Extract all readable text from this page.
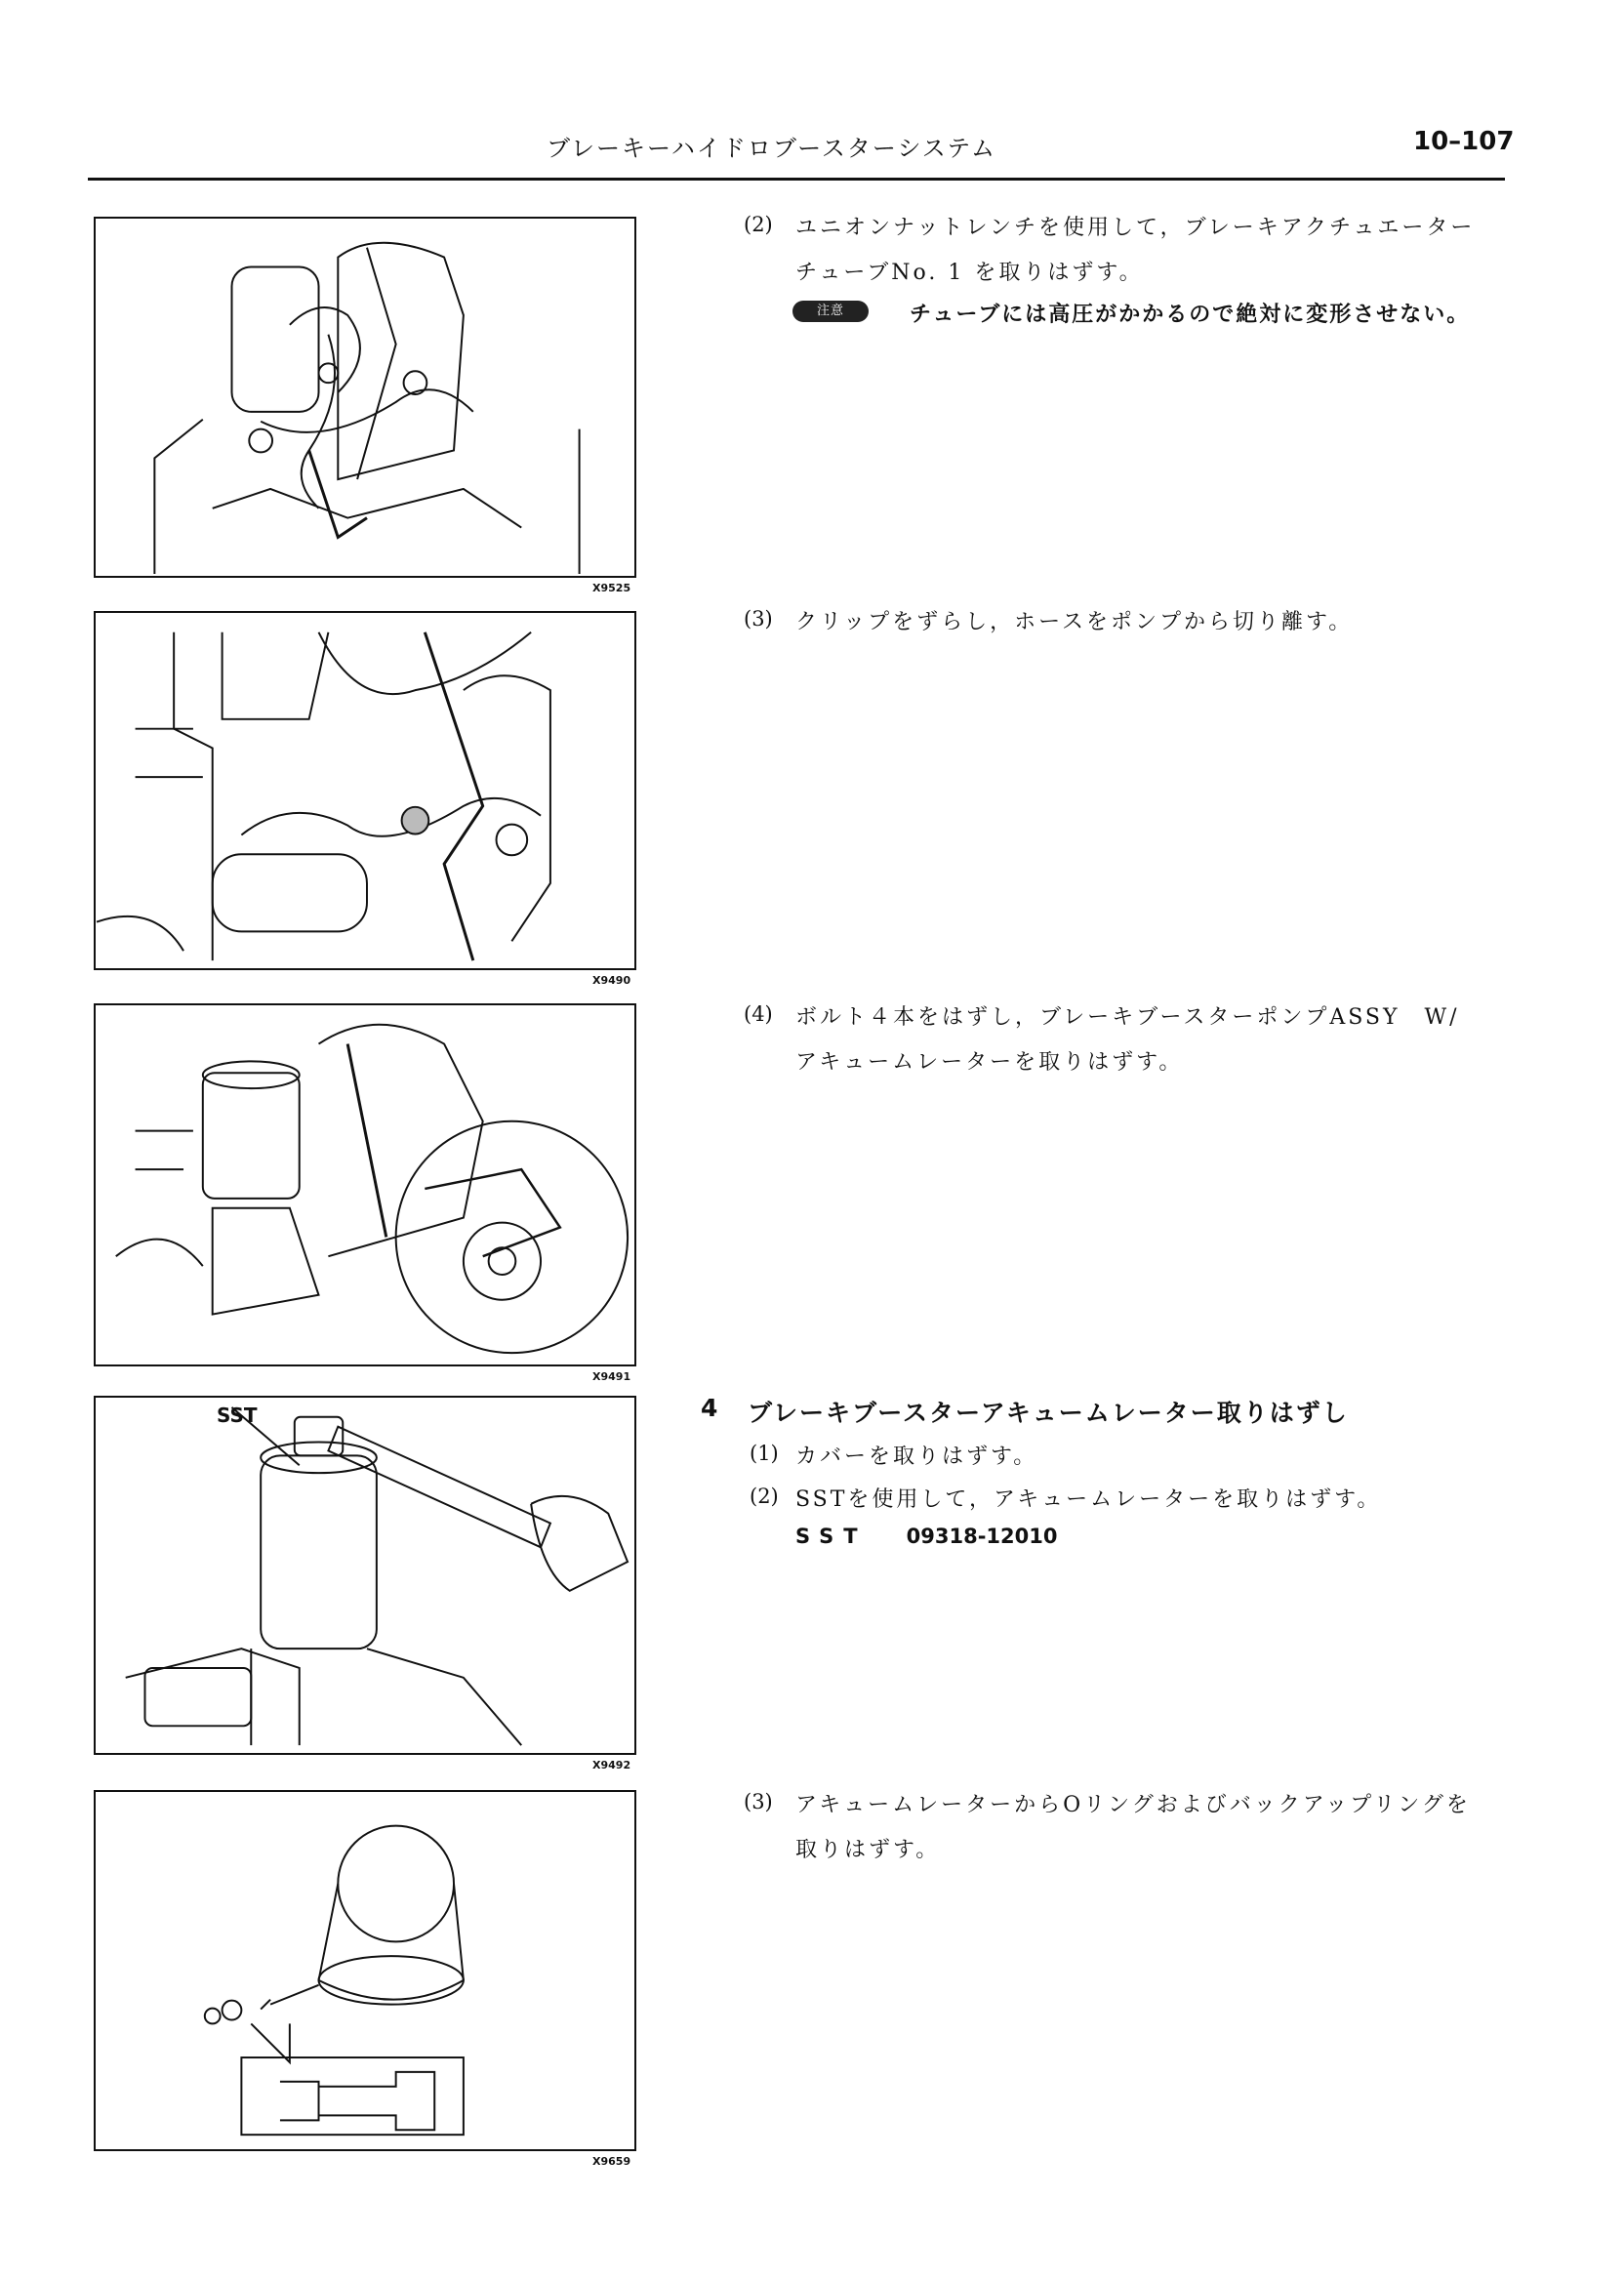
ブレーキーハイドロブースターシステム	10–107
X9525
X9490
X9491
SST
X9492
X9659
(2) ユニオンナットレンチを使用して，ブレーキアクチュエーター
チューブNo. 1 を取りはずす。
注意	チューブには高圧がかかるので絶対に変形させない。
(3) クリップをずらし，ホースをポンプから切り離す。
(4) ボルト４本をはずし，ブレーキブースターポンプASSY　W/
アキュームレーターを取りはずす。
4 ブレーキブースターアキュームレーター取りはずし
(1) カバーを取りはずす。
(2) SSTを使用して，アキュームレーターを取りはずす。
SST 09318-12010
(3) アキュームレーターからOリングおよびバックアップリングを
取りはずす。
